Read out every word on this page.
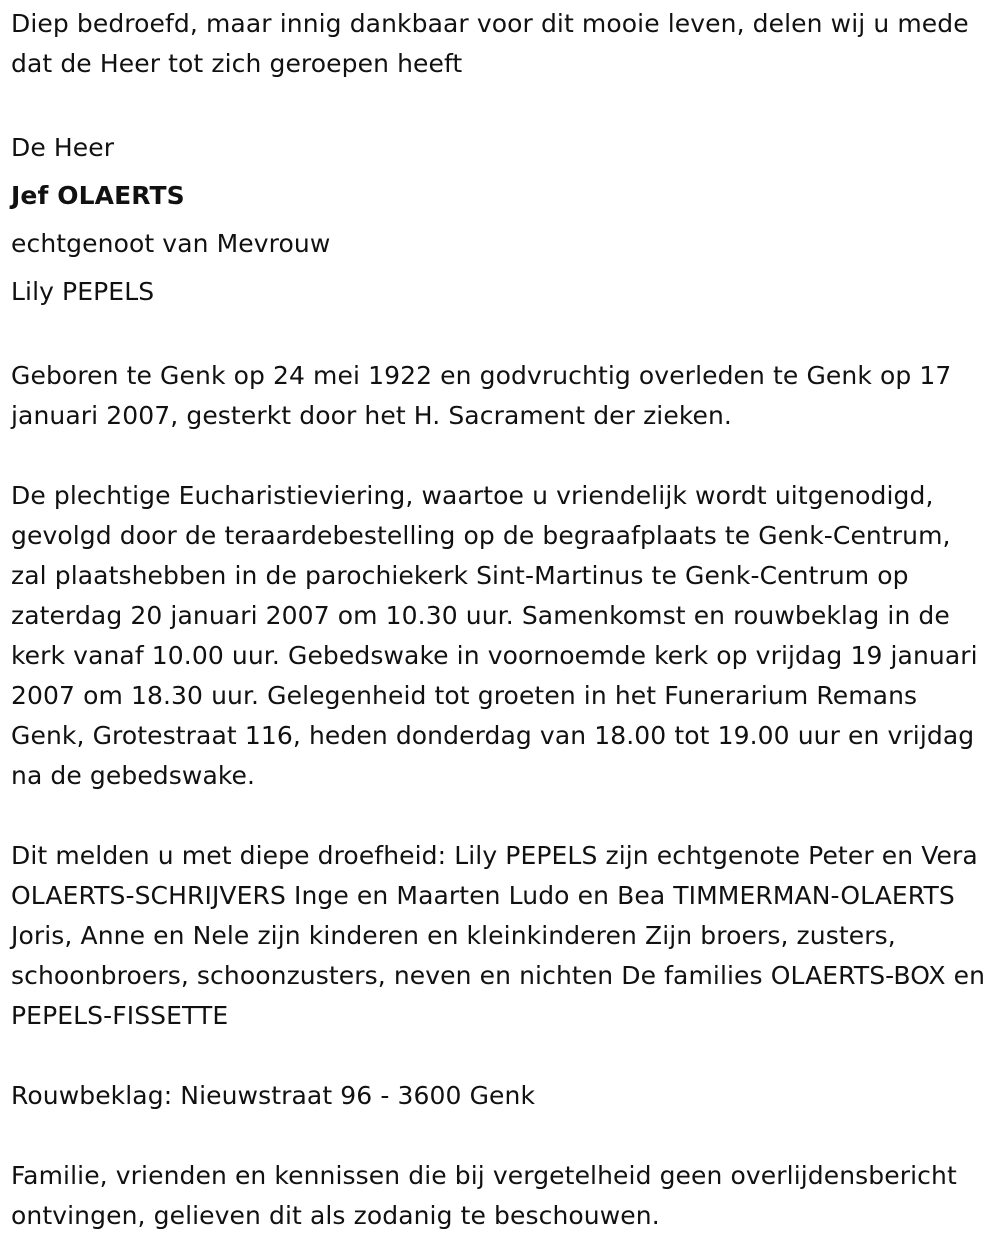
Diep bedroefd, maar innig dankbaar voor dit mooie leven, delen wij u mede dat de Heer tot zich geroepen heeft

De Heer
Jef OLAERTS
echtgenoot van Mevrouw
Lily PEPELS

Geboren te Genk op 24 mei 1922 en godvruchtig overleden te Genk op 17 januari 2007, gesterkt door het H. Sacrament der zieken.

De plechtige Eucharistieviering, waartoe u vriendelijk wordt uitgenodigd, gevolgd door de teraardebestelling op de begraafplaats te Genk-Centrum, zal plaatshebben in de parochiekerk Sint-Martinus te Genk-Centrum op zaterdag 20 januari 2007 om 10.30 uur. Samenkomst en rouwbeklag in de kerk vanaf 10.00 uur. Gebedswake in voornoemde kerk op vrijdag 19 januari 2007 om 18.30 uur. Gelegenheid tot groeten in het Funerarium Remans Genk, Grotestraat 116, heden donderdag van 18.00 tot 19.00 uur en vrijdag na de gebedswake.

Dit melden u met diepe droefheid: Lily PEPELS zijn echtgenote Peter en Vera OLAERTS-SCHRIJVERS Inge en Maarten Ludo en Bea TIMMERMAN-OLAERTS Joris, Anne en Nele zijn kinderen en kleinkinderen Zijn broers, zusters, schoonbroers, schoonzusters, neven en nichten De families OLAERTS-BOX en PEPELS-FISSETTE

Rouwbeklag: Nieuwstraat 96 - 3600 Genk

Familie, vrienden en kennissen die bij vergetelheid geen overlijdensbericht ontvingen, gelieven dit als zodanig te beschouwen.
